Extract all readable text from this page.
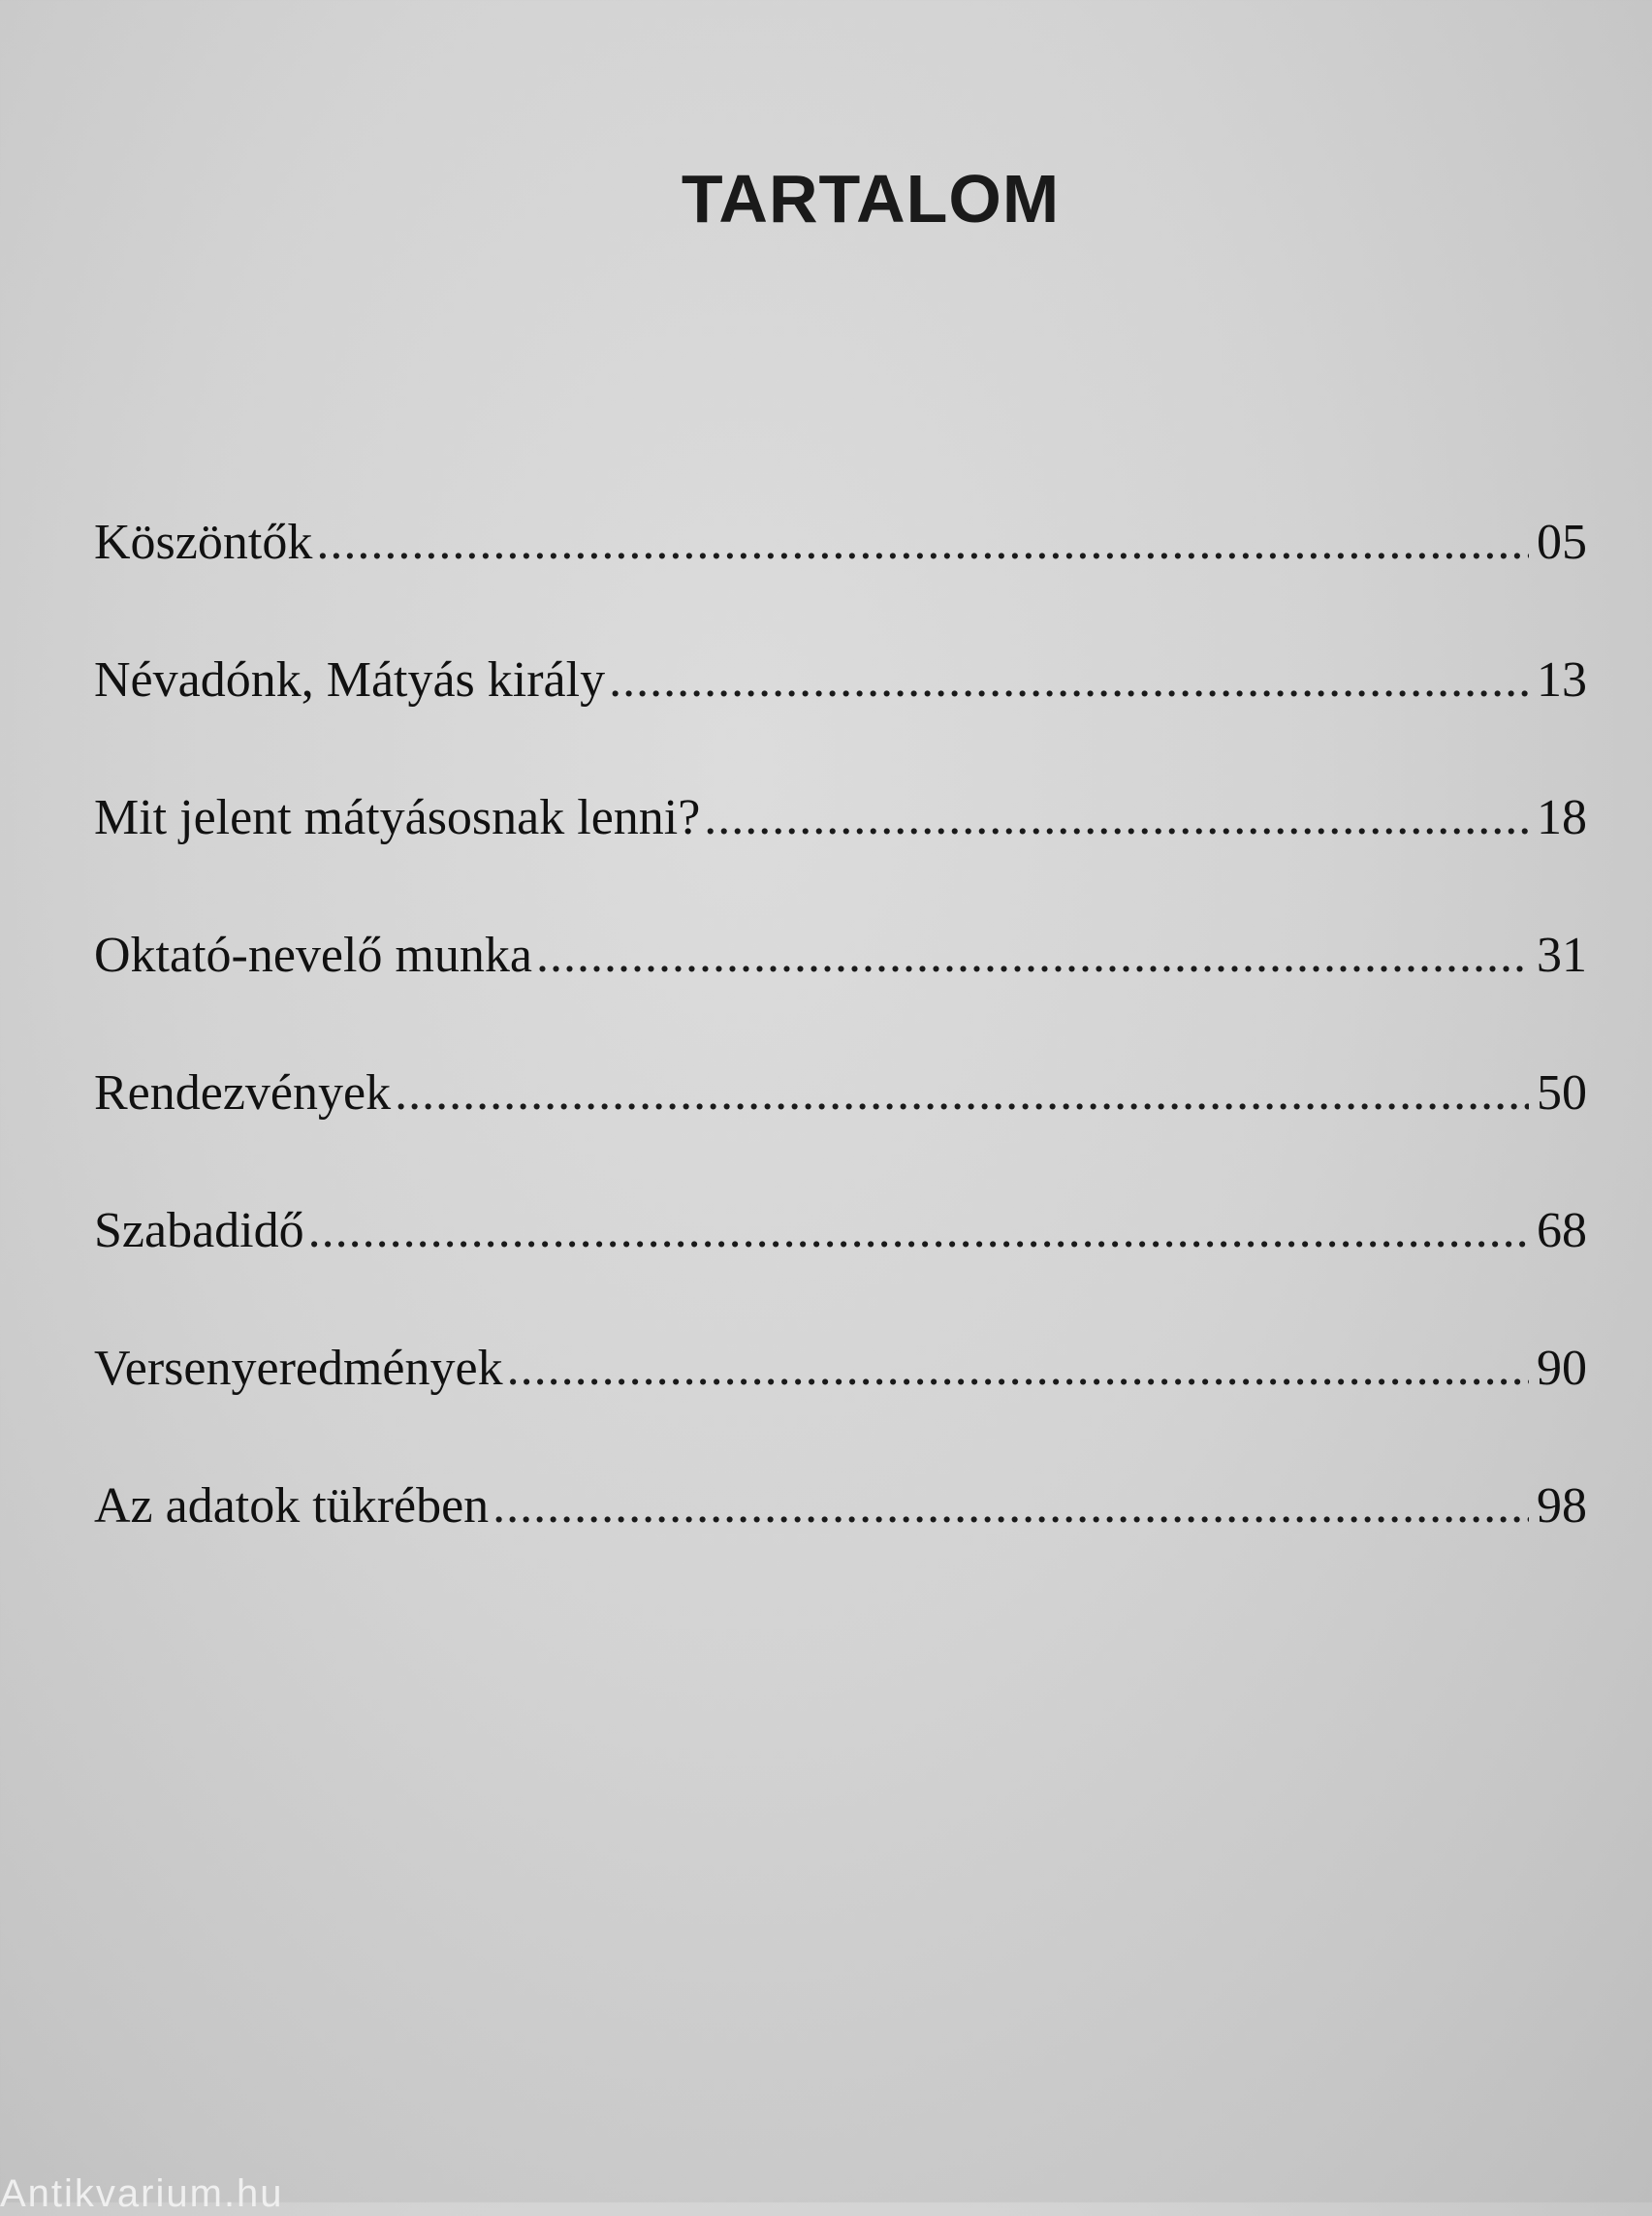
TARTALOM
Köszöntők .....	05
Névadónk, Mátyás király .....	13
Mit jelent mátyásosnak lenni? .....	18
Oktató-nevelő munka .....	31
Rendezvények .....	50
Szabadidő .....	68
Versenyeredmények .....	90
Az adatok tükrében .....	98
Antikvarium.hu
